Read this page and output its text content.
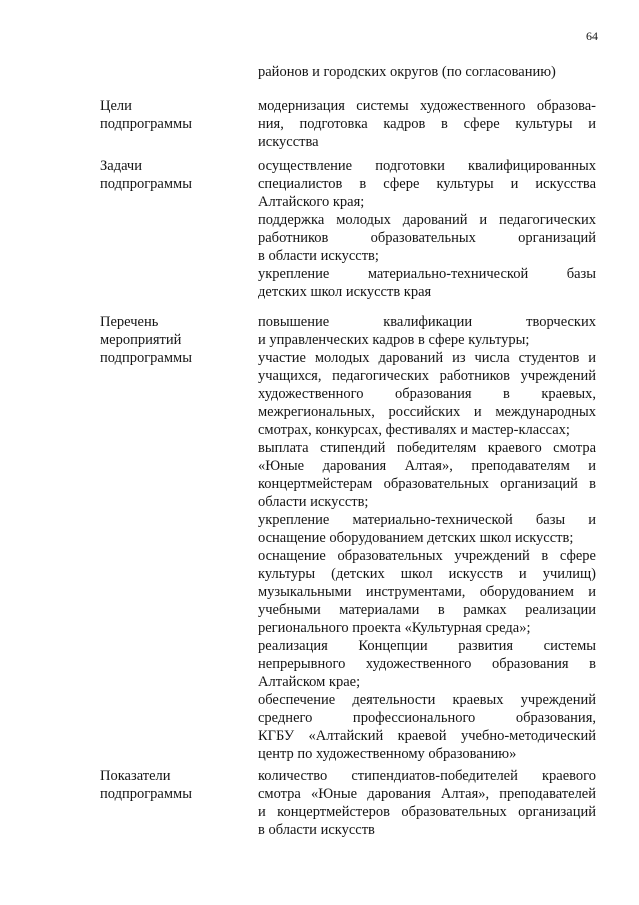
64
районов и городских округов (по согласованию)
Цели
подпрограммы
модернизация системы художественного образова-
ния, подготовка кадров в сфере культуры и
искусства
Задачи
подпрограммы
осуществление подготовки квалифицированных
специалистов в сфере культуры и искусства
Алтайского края;
поддержка молодых дарований и педагогических
работников образовательных организаций
в области искусств;
укрепление материально-технической базы
детских школ искусств края
Перечень
мероприятий
подпрограммы
повышение квалификации творческих
и управленческих кадров в сфере культуры;
участие молодых дарований из числа студентов и
учащихся, педагогических работников учреждений
художественного образования в краевых,
межрегиональных, российских и международных
смотрах, конкурсах, фестивалях и мастер-классах;
выплата стипендий победителям краевого смотра
«Юные дарования Алтая», преподавателям и
концертмейстерам образовательных организаций в
области искусств;
укрепление материально-технической базы и
оснащение оборудованием детских школ искусств;
оснащение образовательных учреждений в сфере
культуры (детских школ искусств и училищ)
музыкальными инструментами, оборудованием и
учебными материалами в рамках реализации
регионального проекта «Культурная среда»;
реализация Концепции развития системы
непрерывного художественного образования в
Алтайском крае;
обеспечение деятельности краевых учреждений
среднего профессионального образования,
КГБУ «Алтайский краевой учебно-методический
центр по художественному образованию»
Показатели
подпрограммы
количество стипендиатов-победителей краевого
смотра «Юные дарования Алтая», преподавателей
и концертмейстеров образовательных организаций
в области искусств
